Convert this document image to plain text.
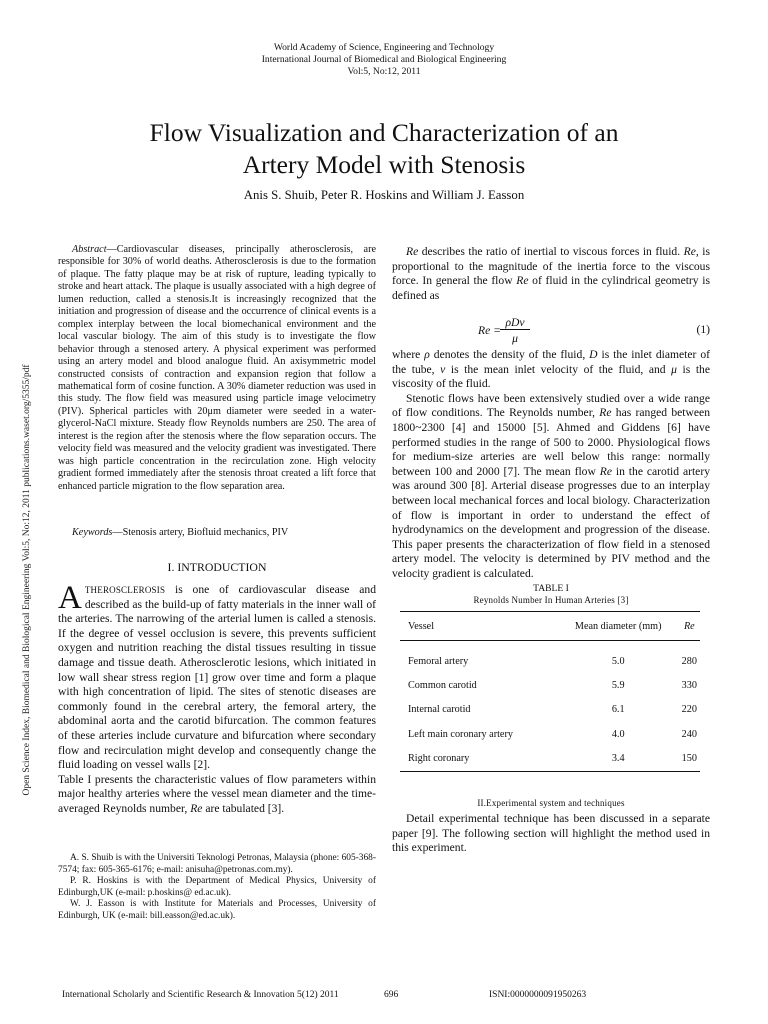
World Academy of Science, Engineering and Technology
International Journal of Biomedical and Biological Engineering
Vol:5, No:12, 2011
Flow Visualization and Characterization of an
Artery Model with Stenosis
Anis S. Shuib, Peter R. Hoskins and William J. Easson
Open Science Index, Biomedical and Biological Engineering Vol:5, No:12, 2011 publications.waset.org/5355/pdf

Abstract—Cardiovascular diseases, principally atherosclerosis, are responsible for 30% of world deaths. Atherosclerosis is due to the formation of plaque. The fatty plaque may be at risk of rupture, leading typically to stroke and heart attack. The plaque is usually associated with a high degree of lumen reduction, called a stenosis.It is increasingly recognized that the initiation and progression of disease and the occurrence of clinical events is a complex interplay between the local biomechanical environment and the local vascular biology. The aim of this study is to investigate the flow behavior through a stenosed artery. A physical experiment was performed using an artery model and blood analogue fluid. An axisymmetric model constructed consists of contraction and expansion region that follow a mathematical form of cosine function. A 30% diameter reduction was used in this study. The flow field was measured using particle image velocimetry (PIV). Spherical particles with 20μm diameter were seeded in a water-glycerol-NaCl mixture. Steady flow Reynolds numbers are 250. The area of interest is the region after the stenosis where the flow separation occurs. The velocity field was measured and the velocity gradient was investigated. There was high particle concentration in the recirculation zone. High velocity gradient formed immediately after the stenosis throat created a lift force that enhanced particle migration to the flow separation area.

Keywords—Stenosis artery, Biofluid mechanics, PIV
I. INTRODUCTION

ATHEROSCLEROSIS is one of cardiovascular disease and described as the build-up of fatty materials in the inner wall of the arteries. The narrowing of the arterial lumen is called a stenosis. If the degree of vessel occlusion is severe, this prevents sufficient oxygen and nutrition reaching the distal tissues resulting in tissue damage and tissue death. Atherosclerotic lesions, which initiated in low wall shear stress region [1] grow over time and form a plaque with high concentration of lipid. The sites of stenotic diseases are commonly found in the cerebral artery, the femoral artery, the abdominal aorta and the carotid bifurcation. The common features of these arteries include curvature and bifurcation where secondary flow and recirculation might develop and consequently change the fluid loading on vessel walls [2].

Table I presents the characteristic values of flow parameters within major healthy arteries where the vessel mean diameter and the time-averaged Reynolds number, Re are tabulated [3].

A. S. Shuib is with the Universiti Teknologi Petronas, Malaysia (phone: 605-368-7574; fax: 605-365-6176; e-mail: anisuha@petronas.com.my).

P. R. Hoskins is with the Department of Medical Physics, University of Edinburgh,UK (e-mail: p.hoskins@ ed.ac.uk).

W. J. Easson is with Institute for Materials and Processes, University of Edinburgh, UK (e-mail: bill.easson@ed.ac.uk).

Re describes the ratio of inertial to viscous forces in fluid. Re, is proportional to the magnitude of the inertia force to the viscous force. In general the flow Re of fluid in the cylindrical geometry is defined as

Re =
ρDv
μ
(1)

where ρ denotes the density of the fluid, D is the inlet diameter of the tube, v is the mean inlet velocity of the fluid, and μ is the viscosity of the fluid.

Stenotic flows have been extensively studied over a wide range of flow conditions. The Reynolds number, Re has ranged between 1800~2300 [4] and 15000 [5]. Ahmed and Giddens [6] have performed studies in the range of 500 to 2000. Physiological flows for medium-size arteries are well below this range: normally between 100 and 2000 [7]. The mean flow Re in the carotid artery was around 300 [8]. Arterial disease progresses due to an interplay between local mechanical forces and local biology. Characterization of flow is important in order to understand the effect of hydrodynamics on the development and progression of the disease. This paper presents the characterization of flow field in a stenosed artery model. The velocity is determined by PIV method and the velocity gradient is calculated.

TABLE I
Reynolds Number In Human Arteries [3]
Vessel	Mean diameter (mm)	Re
Femoral artery	5.0	280
Common carotid	5.9	330
Internal carotid	6.1	220
Left main coronary artery	4.0	240
Right coronary	3.4	150
II.Experimental system and techniques

Detail experimental technique has been discussed in a separate paper [9]. The following section will highlight the method used in this experiment.

International Scholarly and Scientific Research & Innovation 5(12) 2011	696	ISNI:0000000091950263
